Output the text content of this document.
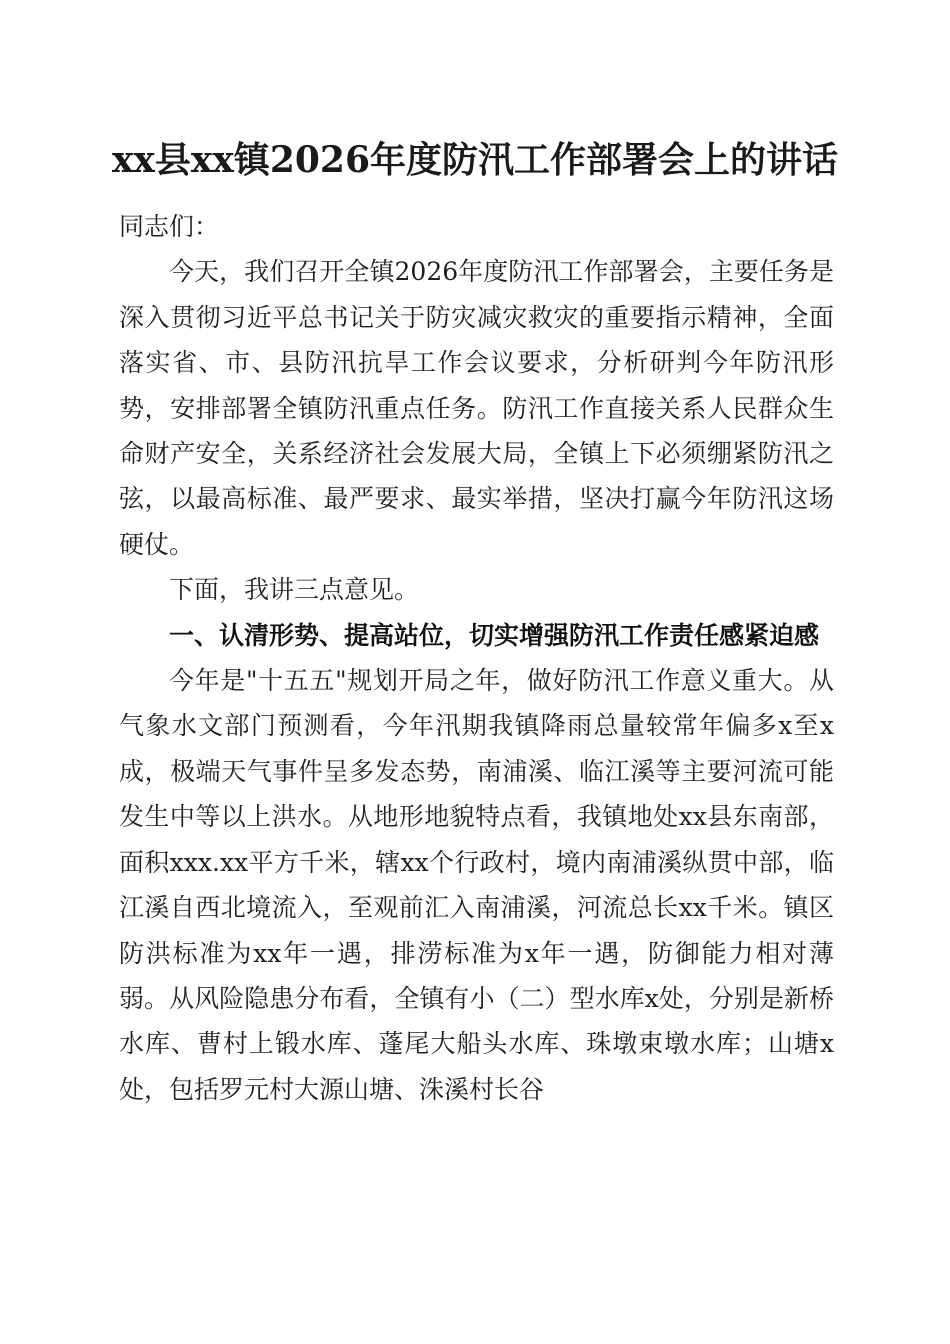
xx县xx镇2026年度防汛工作部署会上的讲话

同志们：

今天，我们召开全镇2026年度防汛工作部署会，主要任务是深入贯彻习近平总书记关于防灾减灾救灾的重要指示精神，全面落实省、市、县防汛抗旱工作会议要求，分析研判今年防汛形势，安排部署全镇防汛重点任务。防汛工作直接关系人民群众生命财产安全，关系经济社会发展大局，全镇上下必须绷紧防汛之弦，以最高标准、最严要求、最实举措，坚决打赢今年防汛这场硬仗。

下面，我讲三点意见。

一、认清形势、提高站位，切实增强防汛工作责任感紧迫感

今年是"十五五"规划开局之年，做好防汛工作意义重大。从气象水文部门预测看，今年汛期我镇降雨总量较常年偏多x至x成，极端天气事件呈多发态势，南浦溪、临江溪等主要河流可能发生中等以上洪水。从地形地貌特点看，我镇地处xx县东南部，面积xxx.xx平方千米，辖xx个行政村，境内南浦溪纵贯中部，临江溪自西北境流入，至观前汇入南浦溪，河流总长xx千米。镇区防洪标准为xx年一遇，排涝标准为x年一遇，防御能力相对薄弱。从风险隐患分布看，全镇有小（二）型水库x处，分别是新桥水库、曹村上锻水库、蓬尾大船头水库、珠墩束墩水库；山塘x处，包括罗元村大源山塘、洙溪村长谷
